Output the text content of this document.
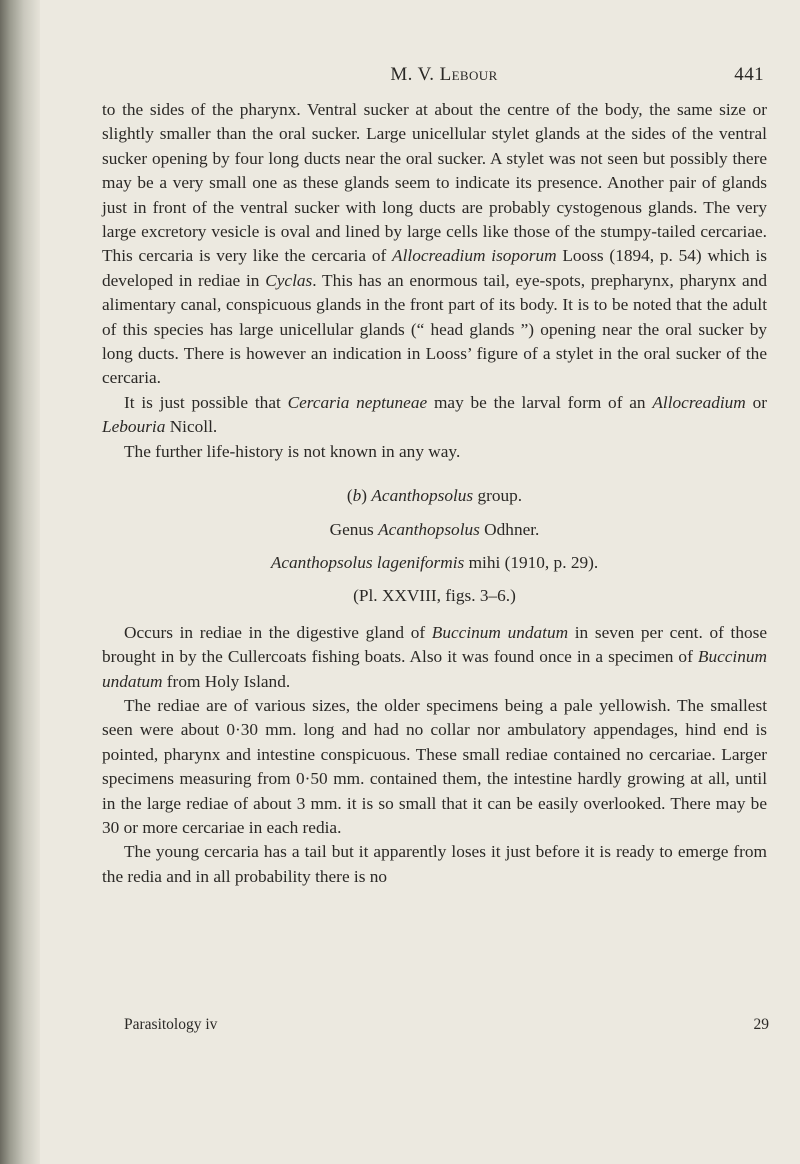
M. V. Lebour	441

to the sides of the pharynx. Ventral sucker at about the centre of the body, the same size or slightly smaller than the oral sucker. Large unicellular stylet glands at the sides of the ventral sucker opening by four long ducts near the oral sucker. A stylet was not seen but possibly there may be a very small one as these glands seem to indicate its presence. Another pair of glands just in front of the ventral sucker with long ducts are probably cystogenous glands. The very large excretory vesicle is oval and lined by large cells like those of the stumpy-tailed cercariae. This cercaria is very like the cercaria of Allocreadium isoporum Looss (1894, p. 54) which is developed in rediae in Cyclas. This has an enormous tail, eye-spots, prepharynx, pharynx and alimentary canal, conspicuous glands in the front part of its body. It is to be noted that the adult of this species has large unicellular glands (“ head glands ”) opening near the oral sucker by long ducts. There is however an indication in Looss’ figure of a stylet in the oral sucker of the cercaria.

It is just possible that Cercaria neptuneae may be the larval form of an Allocreadium or Lebouria Nicoll.

The further life-history is not known in any way.

(b) Acanthopsolus group.

Genus Acanthopsolus Odhner.

Acanthopsolus lageniformis mihi (1910, p. 29).

(Pl. XXVIII, figs. 3–6.)

Occurs in rediae in the digestive gland of Buccinum undatum in seven per cent. of those brought in by the Cullercoats fishing boats. Also it was found once in a specimen of Buccinum undatum from Holy Island.

The rediae are of various sizes, the older specimens being a pale yellowish. The smallest seen were about 0·30 mm. long and had no collar nor ambulatory appendages, hind end is pointed, pharynx and intestine conspicuous. These small rediae contained no cercariae. Larger specimens measuring from 0·50 mm. contained them, the intestine hardly growing at all, until in the large rediae of about 3 mm. it is so small that it can be easily overlooked. There may be 30 or more cercariae in each redia.

The young cercaria has a tail but it apparently loses it just before it is ready to emerge from the redia and in all probability there is no

Parasitology iv	29
